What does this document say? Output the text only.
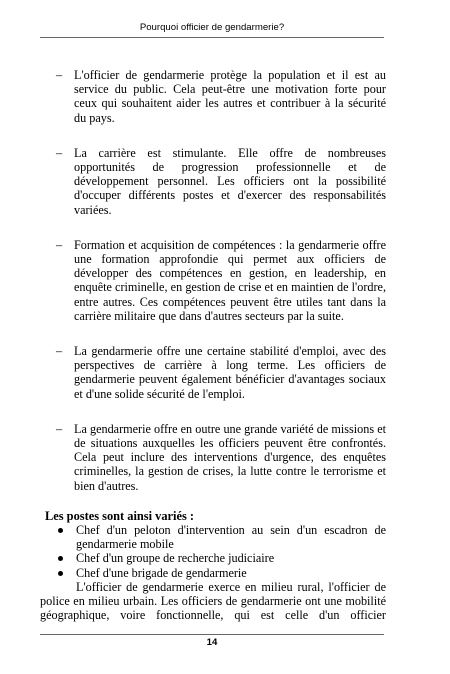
Pourquoi officier de gendarmerie?
– L'officier de gendarmerie protège la population et il est au service du public. Cela peut-être une motivation forte pour ceux qui souhaitent aider les autres et contribuer à la sécurité du pays.
– La carrière est stimulante. Elle offre de nombreuses opportunités de progression professionnelle et de développement personnel. Les officiers ont la possibilité d'occuper différents postes et d'exercer des responsabilités variées.
– Formation et acquisition de compétences : la gendarmerie offre une formation approfondie qui permet aux officiers de développer des compétences en gestion, en leadership, en enquête criminelle, en gestion de crise et en maintien de l'ordre, entre autres. Ces compétences peuvent être utiles tant dans la carrière militaire que dans d'autres secteurs par la suite.
– La gendarmerie offre une certaine stabilité d'emploi, avec des perspectives de carrière à long terme. Les officiers de gendarmerie peuvent également bénéficier d'avantages sociaux et d'une solide sécurité de l'emploi.
– La gendarmerie offre en outre une grande variété de missions et de situations auxquelles les officiers peuvent être confrontés. Cela peut inclure des interventions d'urgence, des enquêtes criminelles, la gestion de crises, la lutte contre le terrorisme et bien d'autres.

Les postes sont ainsi variés :

Chef d'un peloton d'intervention au sein d'un escadron de gendarmerie mobile
Chef d'un groupe de recherche judiciaire
Chef d'une brigade de gendarmerie

L'officier de gendarmerie exerce en milieu rural, l'officier de police en milieu urbain. Les officiers de gendarmerie ont une mobilité géographique, voire fonctionnelle, qui est celle d'un officier

14
